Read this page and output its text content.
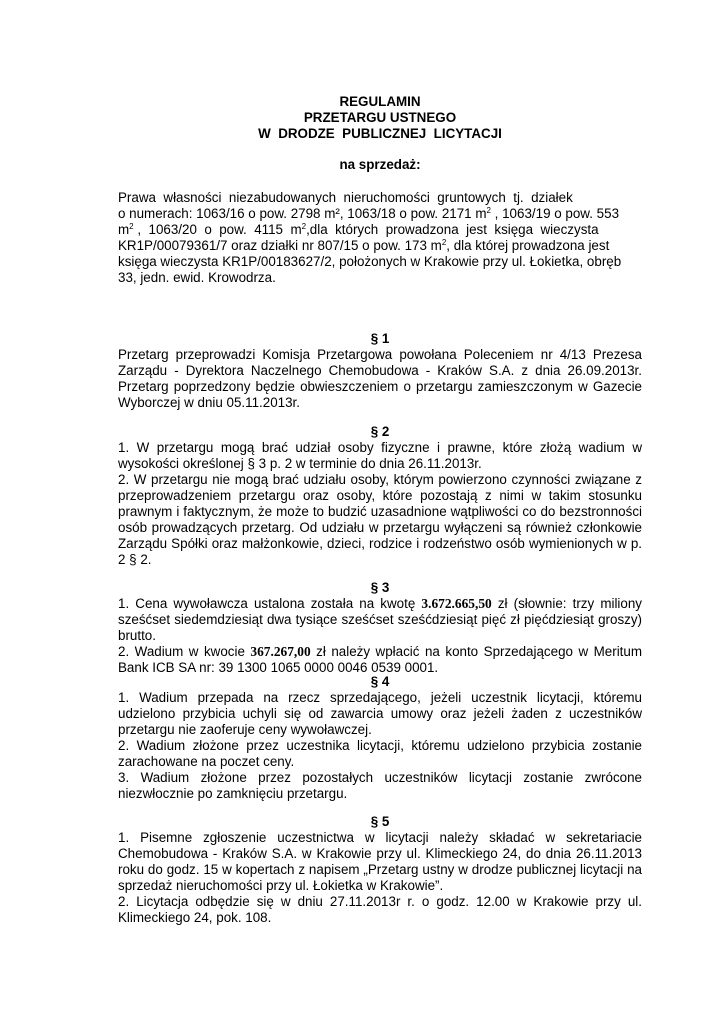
REGULAMIN
PRZETARGU USTNEGO
W  DRODZE  PUBLICZNEJ  LICYTACJI
na sprzedaż:

Prawa  własności  niezabudowanych  nieruchomości  gruntowych  tj.  działek

o numerach: 1063/16 o pow. 2798 m², 1063/18 o pow. 2171 $m^2$ , 1063/19 o pow. 553

$m^2$ ,  1063/20  o  pow.  4115  $m^2,dla$  których  prowadzona  jest  księga  wieczysta

KR1P/00079361/7 oraz działki nr 807/15 o pow. 173 $m^2$, dla której prowadzona jest

księga wieczysta KR1P/00183627/2, położonych w Krakowie przy ul. Łokietka, obręb

33, jedn. ewid. Krowodrza.

§ 1

Przetarg przeprowadzi Komisja Przetargowa powołana Poleceniem nr 4/13 Prezesa Zarządu - Dyrektora Naczelnego Chemobudowa - Kraków S.A. z dnia 26.09.2013r. Przetarg poprzedzony będzie obwieszczeniem o przetargu zamieszczonym w Gazecie Wyborczej w dniu 05.11.2013r.

§ 2

1. W przetargu mogą brać udział osoby fizyczne i prawne, które złożą wadium w wysokości określonej § 3 p. 2 w terminie do dnia 26.11.2013r.

2. W przetargu nie mogą brać udziału osoby, którym powierzono czynności związane z przeprowadzeniem przetargu oraz osoby, które pozostają z nimi w takim stosunku prawnym i faktycznym, że może to budzić uzasadnione wątpliwości co do bezstronności osób prowadzących przetarg. Od udziału w przetargu wyłączeni są również członkowie Zarządu Spółki oraz małżonkowie, dzieci, rodzice i rodzeństwo osób wymienionych w p. 2 § 2.

§ 3

1. Cena wywoławcza ustalona została na kwotę 3.672.665,50 zł (słownie: trzy miliony sześćset siedemdziesiąt dwa tysiące sześćset sześćdziesiąt pięć zł pięćdziesiąt groszy) brutto.

2. Wadium w kwocie 367.267,00 zł należy wpłacić na konto Sprzedającego w Meritum Bank ICB SA nr: 39 1300 1065 0000 0046 0539 0001.

§ 4

1. Wadium przepada na rzecz sprzedającego, jeżeli uczestnik licytacji, któremu udzielono przybicia uchyli się od zawarcia umowy oraz jeżeli żaden z uczestników przetargu nie zaoferuje ceny wywoławczej.

2. Wadium złożone przez uczestnika licytacji, któremu udzielono przybicia zostanie zarachowane na poczet ceny.

3. Wadium złożone przez pozostałych uczestników licytacji zostanie zwrócone niezwłocznie po zamknięciu przetargu.

§ 5

1. Pisemne zgłoszenie uczestnictwa w licytacji należy składać w sekretariacie Chemobudowa - Kraków S.A. w Krakowie przy ul. Klimeckiego 24, do dnia 26.11.2013 roku do godz. 15 w kopertach z napisem „Przetarg ustny w drodze publicznej licytacji na sprzedaż nieruchomości przy ul. Łokietka w Krakowie”.

2. Licytacja odbędzie się w dniu 27.11.2013r r. o godz. 12.00 w Krakowie przy ul. Klimeckiego 24, pok. 108.
